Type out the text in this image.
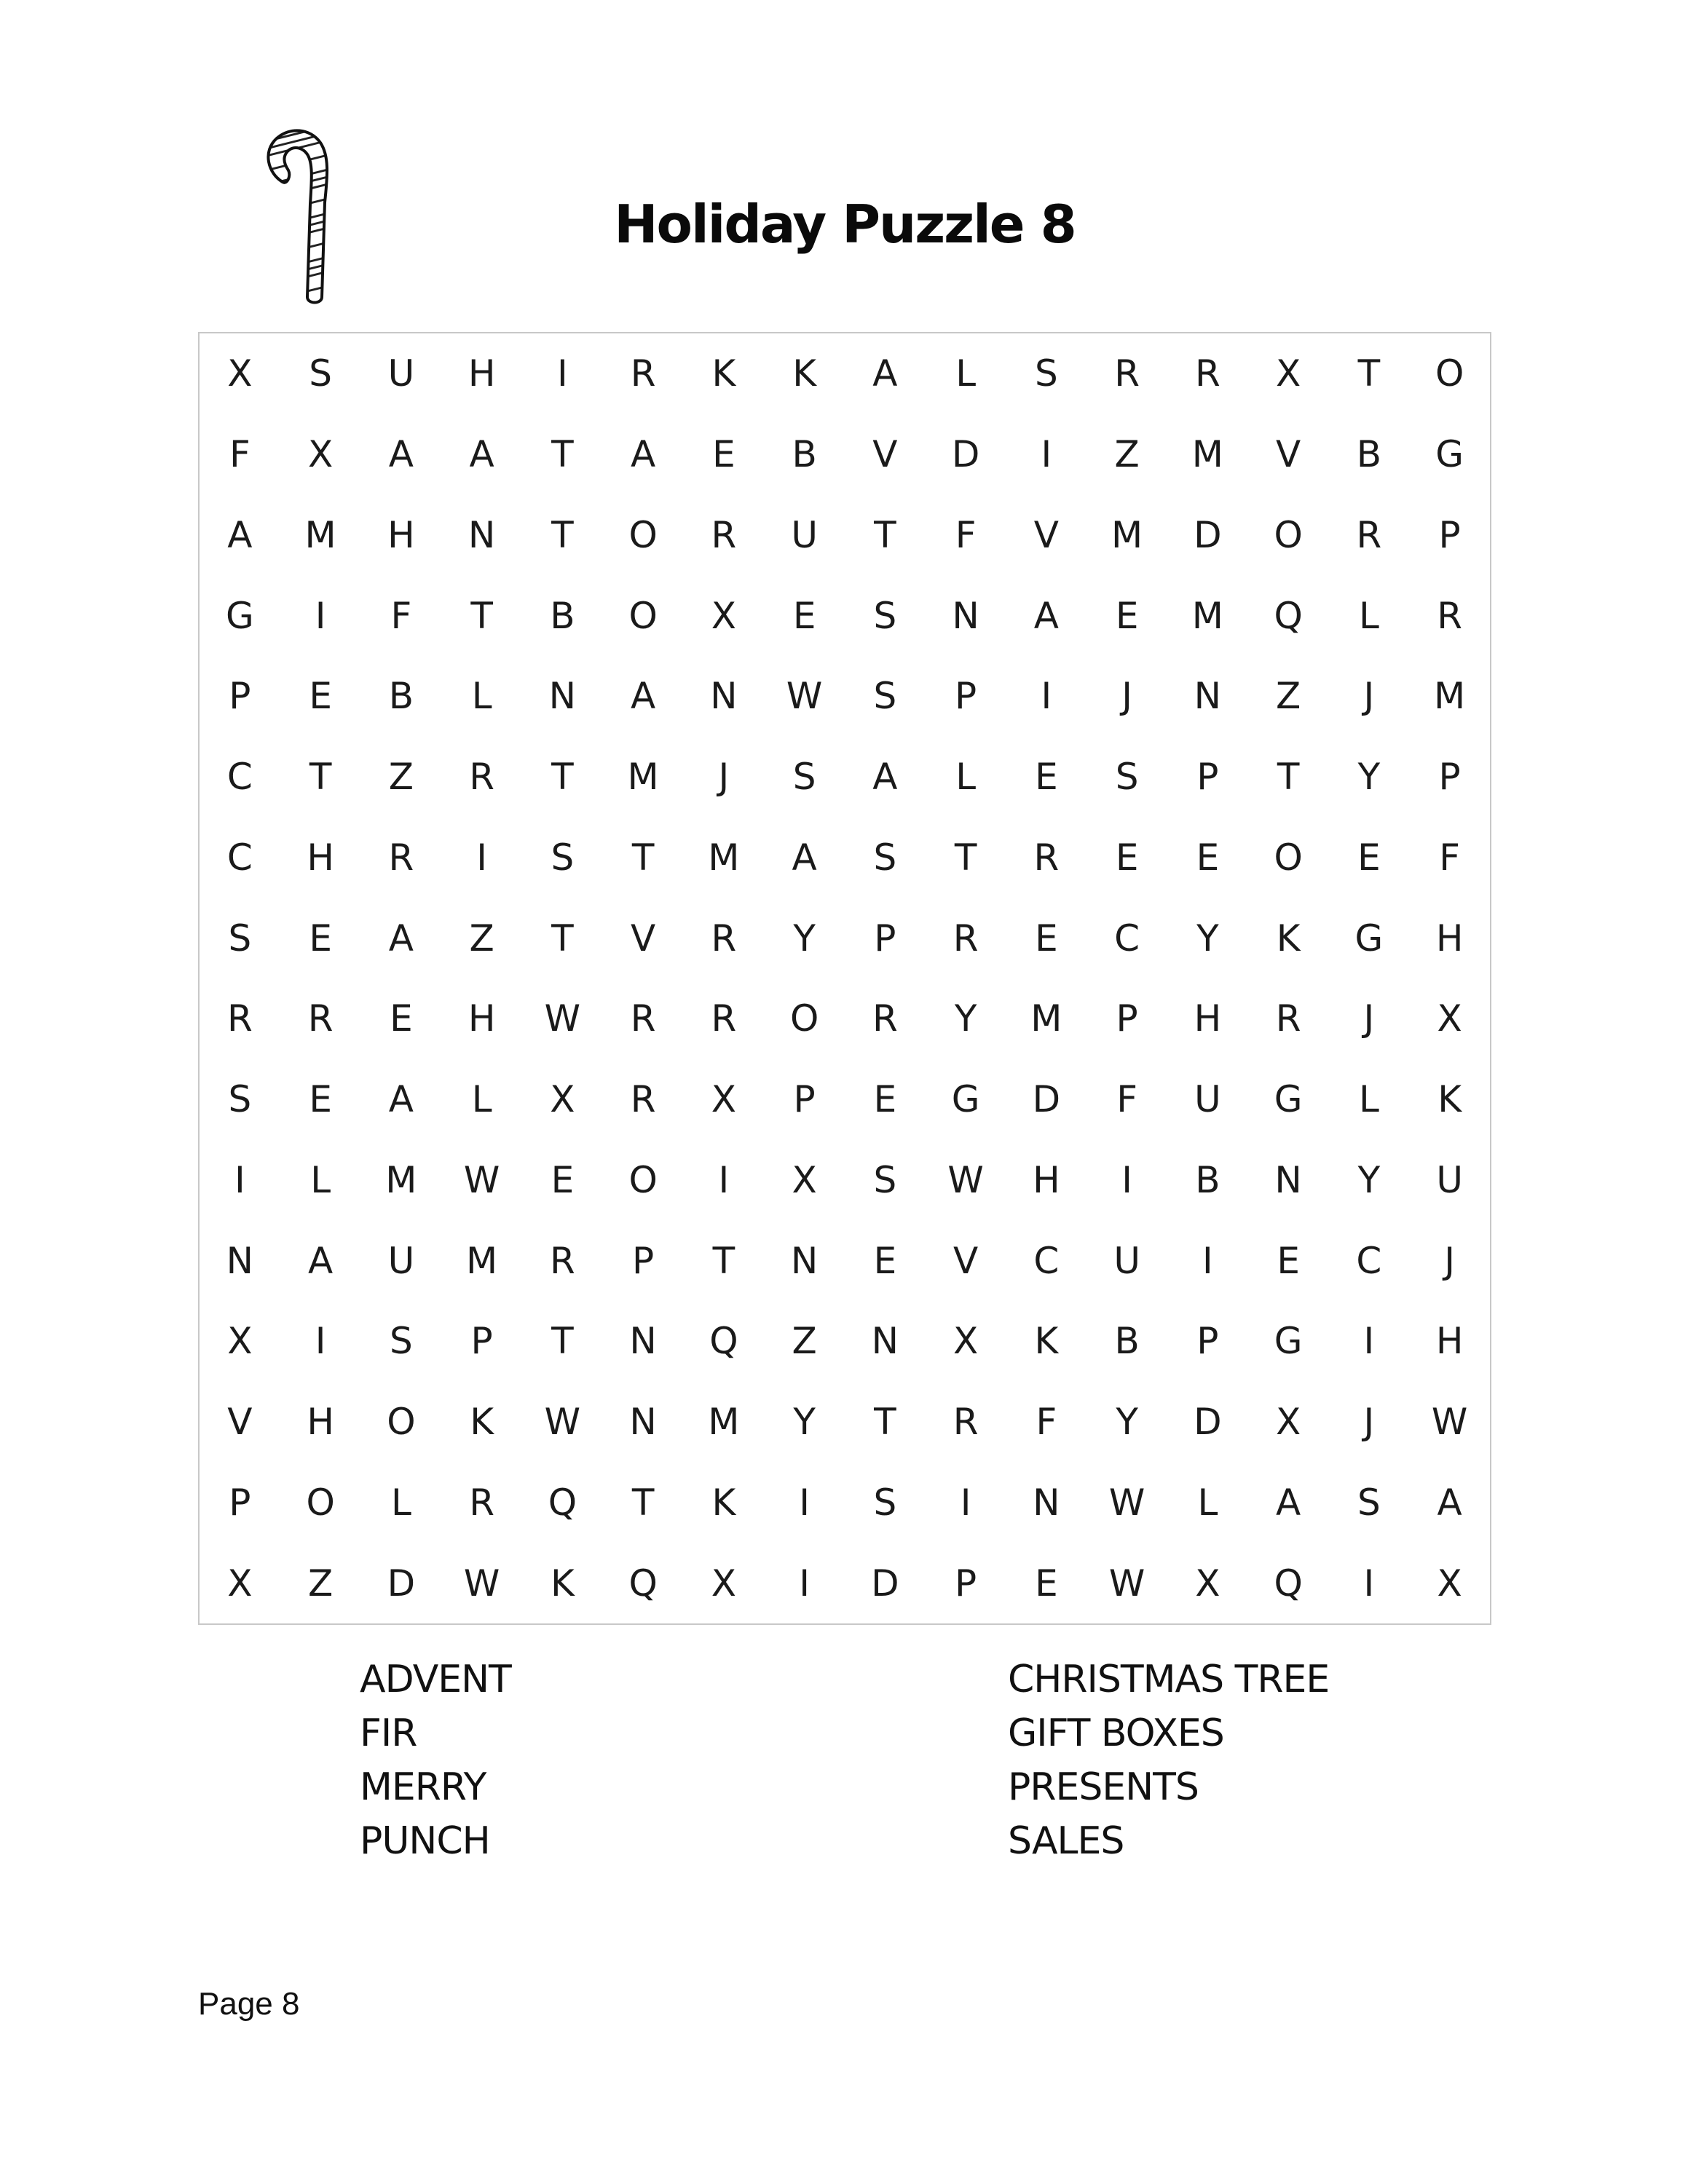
Holiday Puzzle 8
X	S	U	H	I	R	K	K	A	L	S	R	R	X	T	O
F	X	A	A	T	A	E	B	V	D	I	Z	M	V	B	G
A	M	H	N	T	O	R	U	T	F	V	M	D	O	R	P
G	I	F	T	B	O	X	E	S	N	A	E	M	Q	L	R
P	E	B	L	N	A	N	W	S	P	I	J	N	Z	J	M
C	T	Z	R	T	M	J	S	A	L	E	S	P	T	Y	P
C	H	R	I	S	T	M	A	S	T	R	E	E	O	E	F
S	E	A	Z	T	V	R	Y	P	R	E	C	Y	K	G	H
R	R	E	H	W	R	R	O	R	Y	M	P	H	R	J	X
S	E	A	L	X	R	X	P	E	G	D	F	U	G	L	K
I	L	M	W	E	O	I	X	S	W	H	I	B	N	Y	U
N	A	U	M	R	P	T	N	E	V	C	U	I	E	C	J
X	I	S	P	T	N	Q	Z	N	X	K	B	P	G	I	H
V	H	O	K	W	N	M	Y	T	R	F	Y	D	X	J	W
P	O	L	R	Q	T	K	I	S	I	N	W	L	A	S	A
X	Z	D	W	K	Q	X	I	D	P	E	W	X	Q	I	X
ADVENT
FIR
MERRY
PUNCH
CHRISTMAS TREE
GIFT BOXES
PRESENTS
SALES
Page 8
